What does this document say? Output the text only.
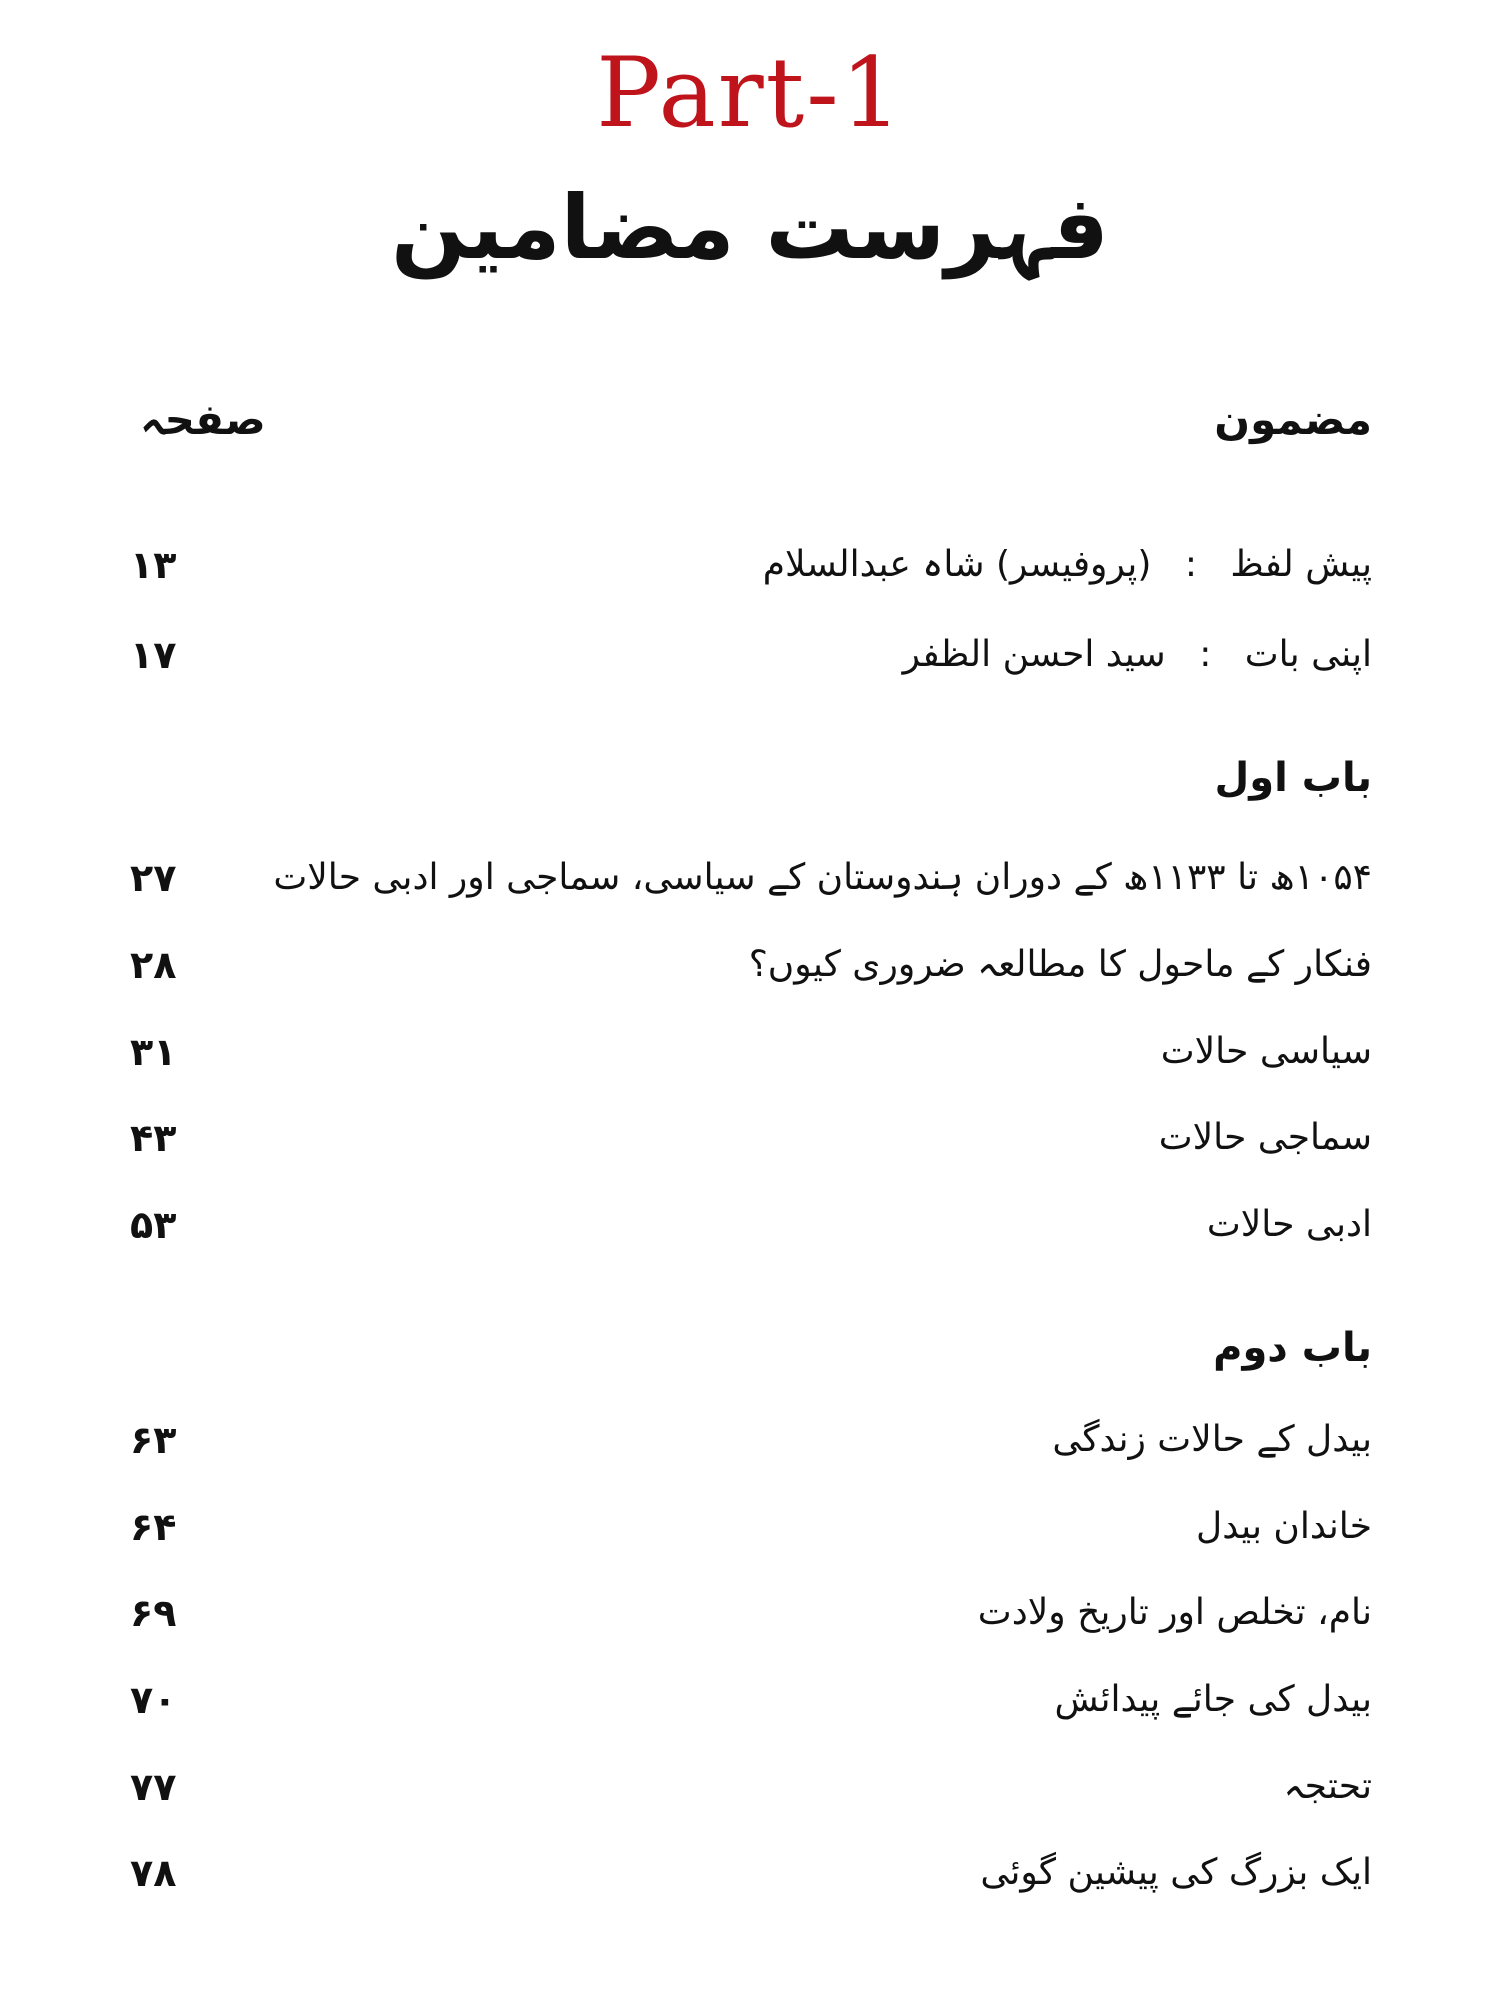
Part-1
فہرست مضامین
مضمون
صفحہ
پیش لفظ : (پروفیسر) شاہ عبدالسلام
۱۳
اپنی بات : سید احسن الظفر
۱۷
باب اول
۱۰۵۴ھ تا ۱۱۳۳ھ کے دوران ہندوستان کے سیاسی، سماجی اور ادبی حالات
۲۷
فنکار کے ماحول کا مطالعہ ضروری کیوں؟
۲۸
سیاسی حالات
۳۱
سماجی حالات
۴۳
ادبی حالات
۵۳
باب دوم
بیدل کے حالات زندگی
۶۳
خاندان بیدل
۶۴
نام، تخلص اور تاریخ ولادت
۶۹
بیدل کی جائے پیدائش
۷۰
تحتجہ
۷۷
ایک بزرگ کی پیشین گوئی
۷۸
